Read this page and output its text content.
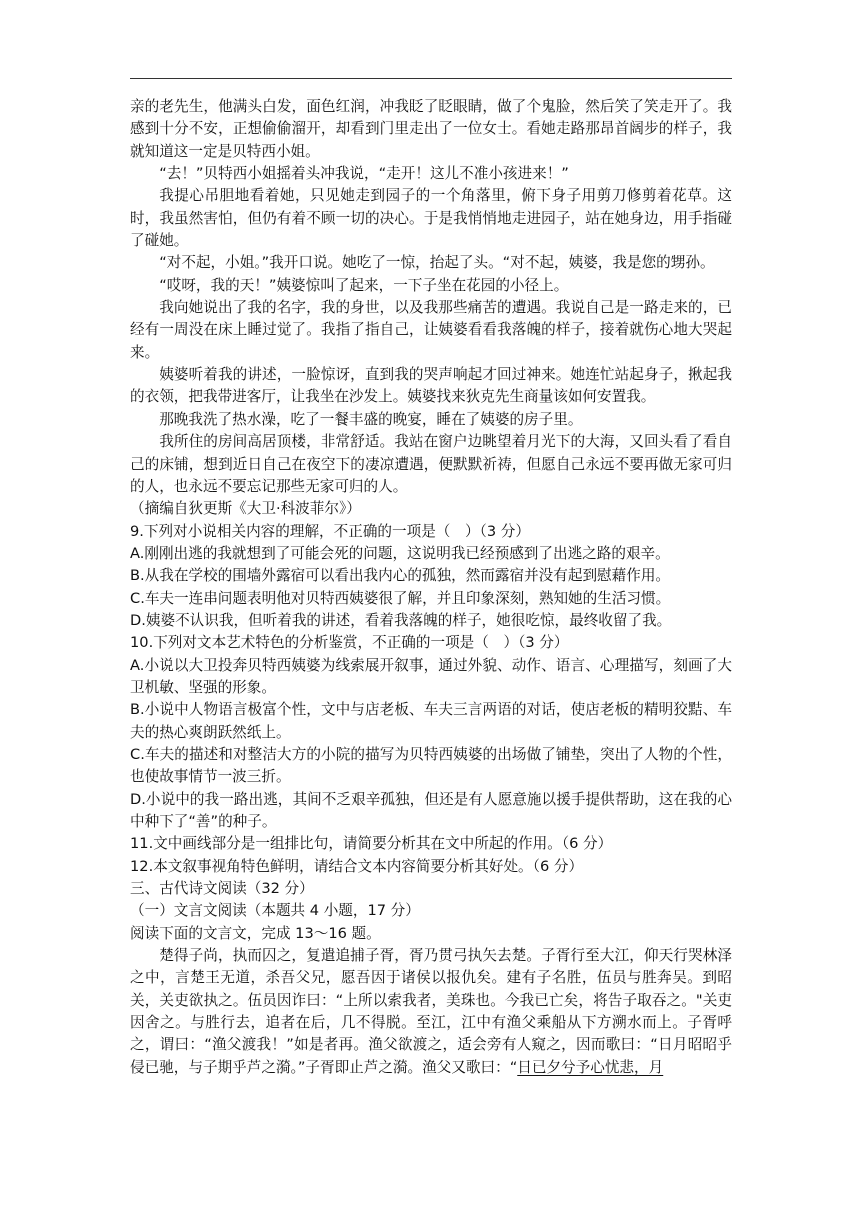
亲的老先生，他满头白发，面色红润，冲我眨了眨眼睛，做了个鬼脸，然后笑了笑走开了。我感到十分不安，正想偷偷溜开，却看到门里走出了一位女士。看她走路那昂首阔步的样子，我就知道这一定是贝特西小姐。

“去！”贝特西小姐摇着头冲我说，“走开！这儿不准小孩进来！”

我提心吊胆地看着她，只见她走到园子的一个角落里，俯下身子用剪刀修剪着花草。这时，我虽然害怕，但仍有着不顾一切的决心。于是我悄悄地走进园子，站在她身边，用手指碰了碰她。

“对不起，小姐。”我开口说。她吃了一惊，抬起了头。“对不起，姨婆，我是您的甥孙。

“哎呀，我的天！”姨婆惊叫了起来，一下子坐在花园的小径上。

我向她说出了我的名字，我的身世，以及我那些痛苦的遭遇。我说自己是一路走来的，已经有一周没在床上睡过觉了。我指了指自己，让姨婆看看我落魄的样子，接着就伤心地大哭起来。

姨婆听着我的讲述，一脸惊讶，直到我的哭声响起才回过神来。她连忙站起身子，揪起我的衣领，把我带进客厅，让我坐在沙发上。姨婆找来狄克先生商量该如何安置我。

那晚我洗了热水澡，吃了一餐丰盛的晚宴，睡在了姨婆的房子里。

我所住的房间高居顶楼，非常舒适。我站在窗户边眺望着月光下的大海，又回头看了看自己的床铺，想到近日自己在夜空下的凄凉遭遇，便默默祈祷，但愿自己永远不要再做无家可归的人，也永远不要忘记那些无家可归的人。

（摘编自狄更斯《大卫·科波菲尔》）

9.下列对小说相关内容的理解，不正确的一项是（　）（3 分）

A.刚刚出逃的我就想到了可能会死的问题，这说明我已经预感到了出逃之路的艰辛。

B.从我在学校的围墙外露宿可以看出我内心的孤独，然而露宿并没有起到慰藉作用。

C.车夫一连串问题表明他对贝特西姨婆很了解，并且印象深刻，熟知她的生活习惯。

D.姨婆不认识我，但听着我的讲述，看着我落魄的样子，她很吃惊，最终收留了我。

10.下列对文本艺术特色的分析鉴赏，不正确的一项是（　）（3 分）

A.小说以大卫投奔贝特西姨婆为线索展开叙事，通过外貌、动作、语言、心理描写，刻画了大卫机敏、坚强的形象。

B.小说中人物语言极富个性，文中与店老板、车夫三言两语的对话，使店老板的精明狡黠、车夫的热心爽朗跃然纸上。

C.车夫的描述和对整洁大方的小院的描写为贝特西姨婆的出场做了铺垫，突出了人物的个性，也使故事情节一波三折。

D.小说中的我一路出逃，其间不乏艰辛孤独，但还是有人愿意施以援手提供帮助，这在我的心中种下了“善”的种子。

11.文中画线部分是一组排比句，请简要分析其在文中所起的作用。（6 分）

12.本文叙事视角特色鲜明，请结合文本内容简要分析其好处。（6 分）

三、古代诗文阅读（32 分）

（一）文言文阅读（本题共 4 小题，17 分）

阅读下面的文言文，完成 13～16 题。

楚得子尚，执而囚之，复遣追捕子胥，胥乃贯弓执矢去楚。子胥行至大江，仰天行哭林泽之中，言楚王无道，杀吾父兄，愿吾因于诸侯以报仇矣。建有子名胜，伍员与胜奔吴。到昭关，关吏欲执之。伍员因诈曰：“上所以索我者，美珠也。今我已亡矣，将告子取吞之。"关吏因舍之。与胜行去，追者在后，几不得脱。至江，江中有渔父乘船从下方溯水而上。子胥呼之，谓曰：“渔父渡我！”如是者再。渔父欲渡之，适会旁有人窥之，因而歌曰：“日月昭昭乎侵已驰，与子期乎芦之漪。”子胥即止芦之漪。渔父又歌曰：“日已夕兮予心忧悲，月
